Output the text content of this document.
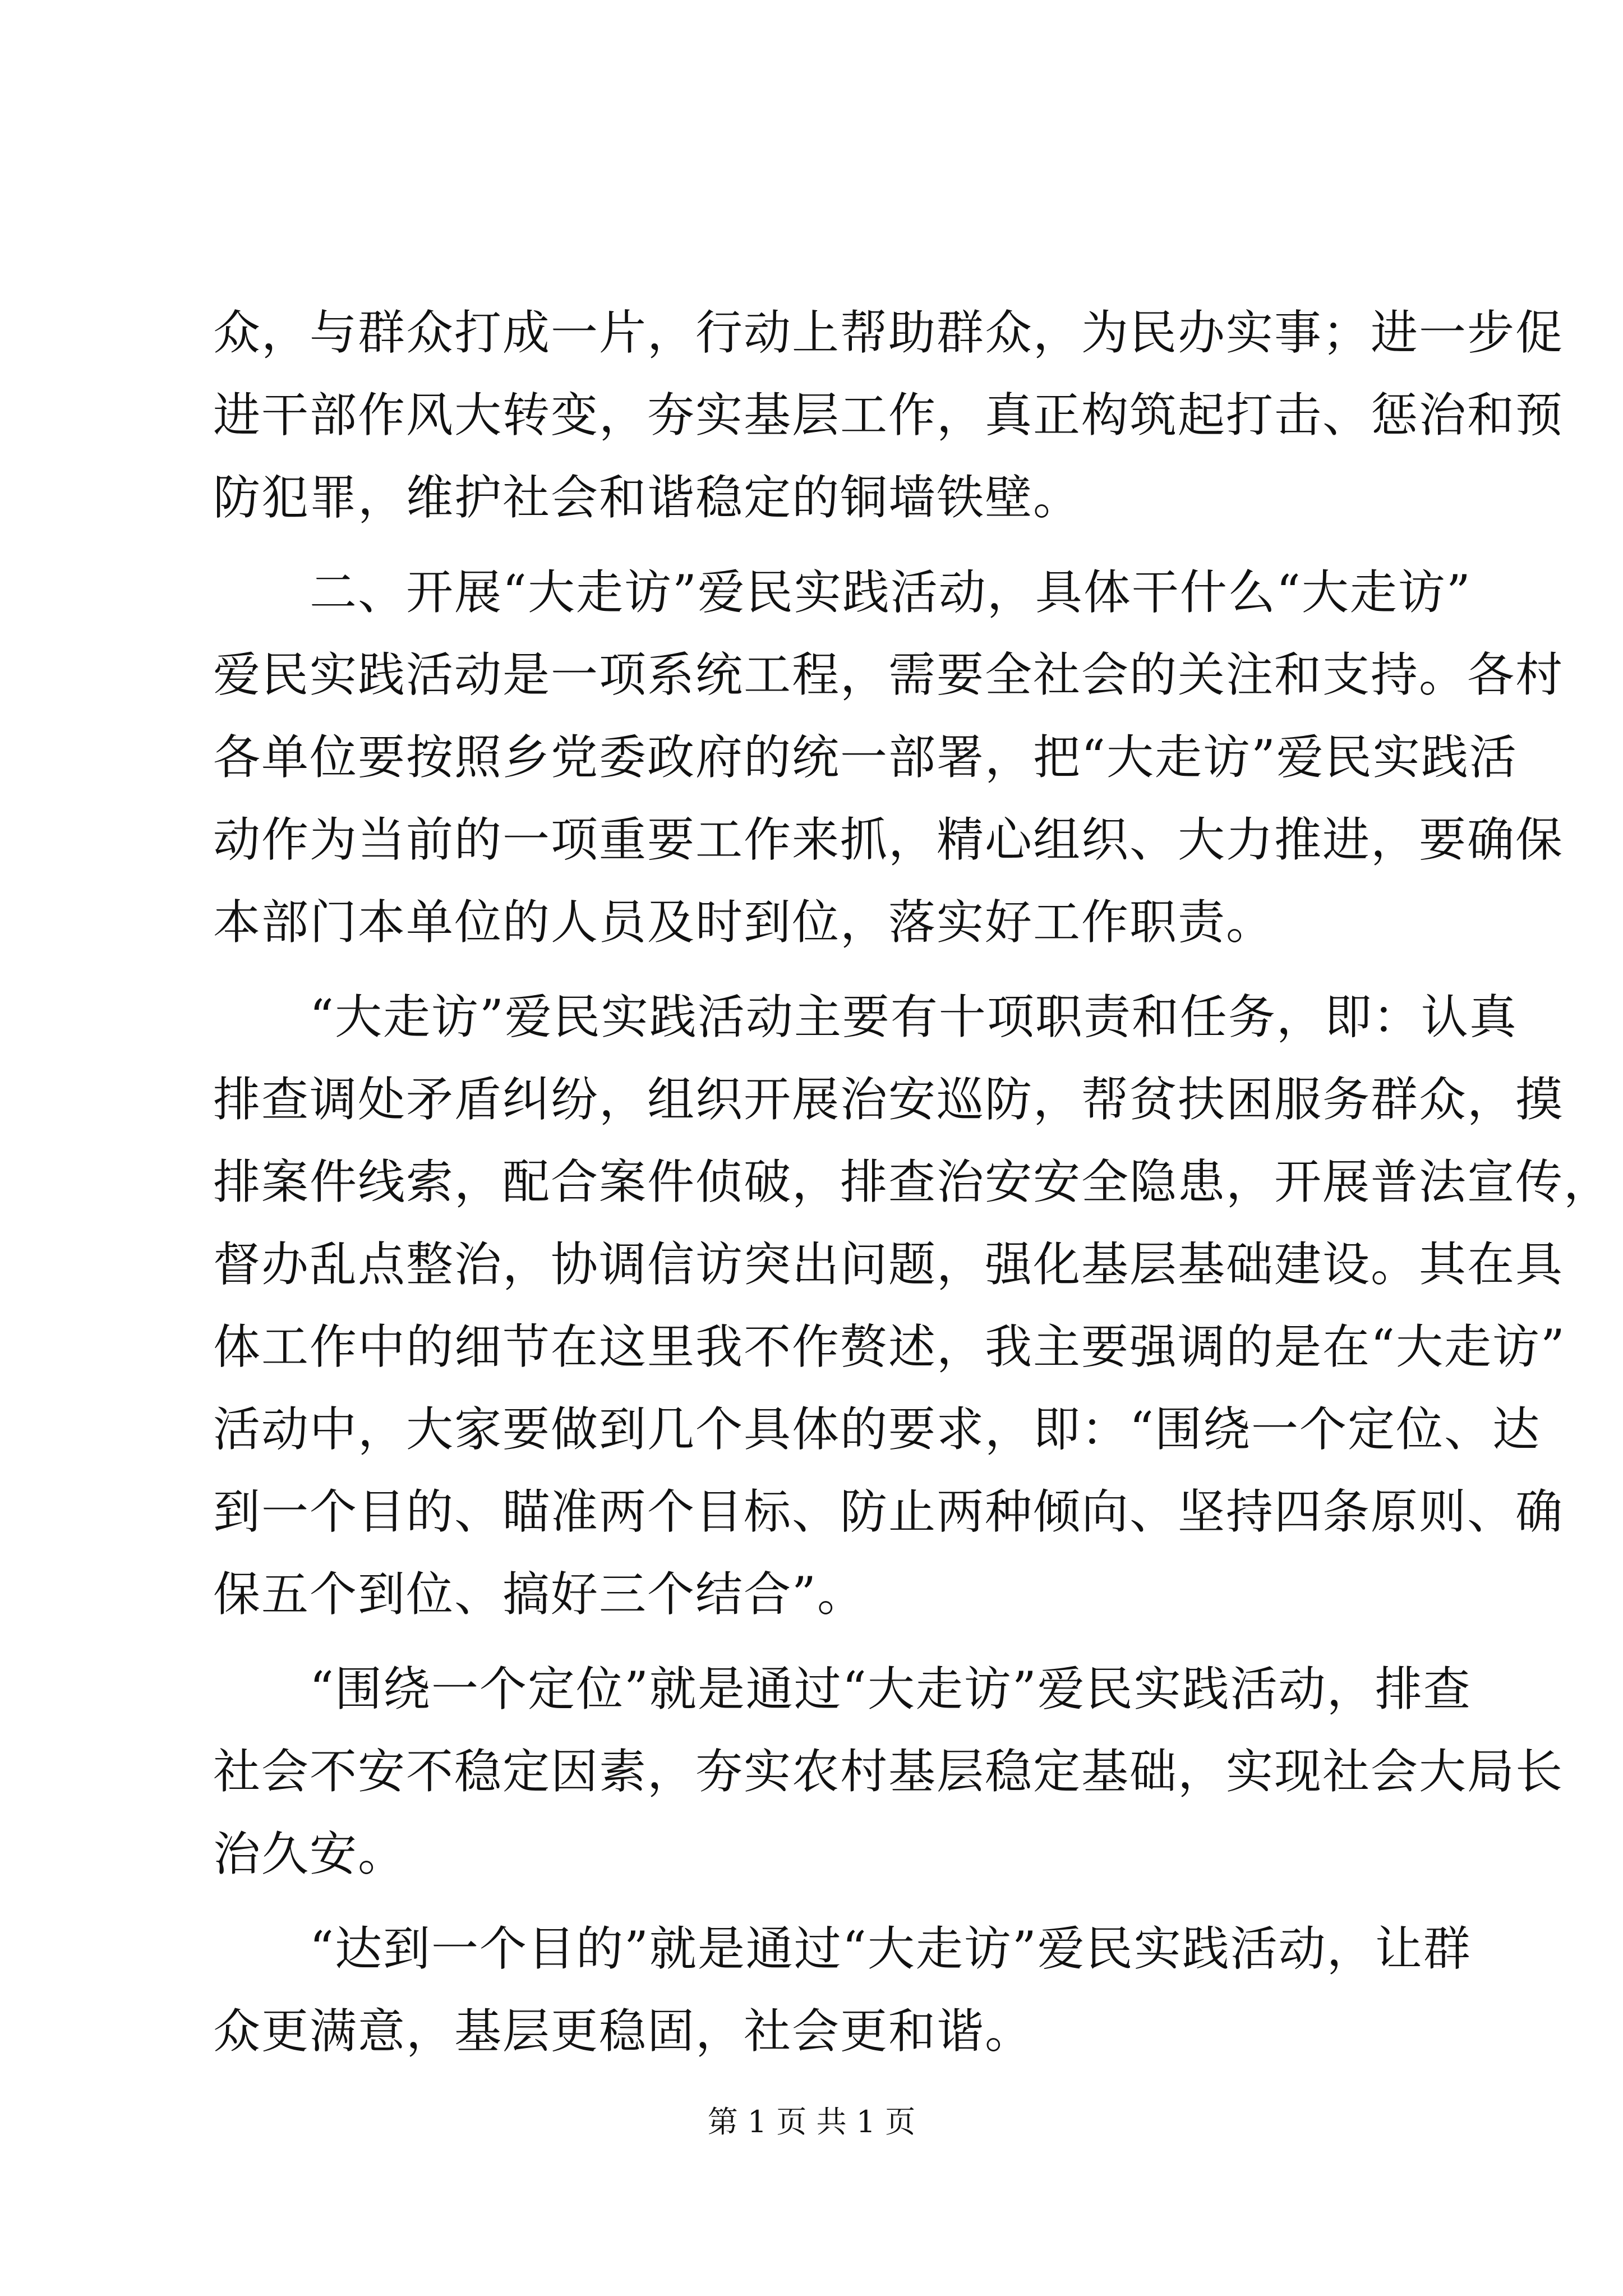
众，与群众打成一片，行动上帮助群众，为民办实事；进一步促
进干部作风大转变，夯实基层工作，真正构筑起打击、惩治和预
防犯罪，维护社会和谐稳定的铜墙铁壁。
二、开展“大走访”爱民实践活动，具体干什么“大走访”
爱民实践活动是一项系统工程，需要全社会的关注和支持。各村
各单位要按照乡党委政府的统一部署，把“大走访”爱民实践活
动作为当前的一项重要工作来抓，精心组织、大力推进，要确保
本部门本单位的人员及时到位，落实好工作职责。
“大走访”爱民实践活动主要有十项职责和任务，即：认真
排查调处矛盾纠纷，组织开展治安巡防，帮贫扶困服务群众，摸
排案件线索，配合案件侦破，排查治安安全隐患，开展普法宣传，
督办乱点整治，协调信访突出问题，强化基层基础建设。其在具
体工作中的细节在这里我不作赘述，我主要强调的是在“大走访”
活动中，大家要做到几个具体的要求，即：“围绕一个定位、达
到一个目的、瞄准两个目标、防止两种倾向、坚持四条原则、确
保五个到位、搞好三个结合”。
“围绕一个定位”就是通过“大走访”爱民实践活动，排查
社会不安不稳定因素，夯实农村基层稳定基础，实现社会大局长
治久安。
“达到一个目的”就是通过“大走访”爱民实践活动，让群
众更满意，基层更稳固，社会更和谐。
第 1 页 共 1 页
